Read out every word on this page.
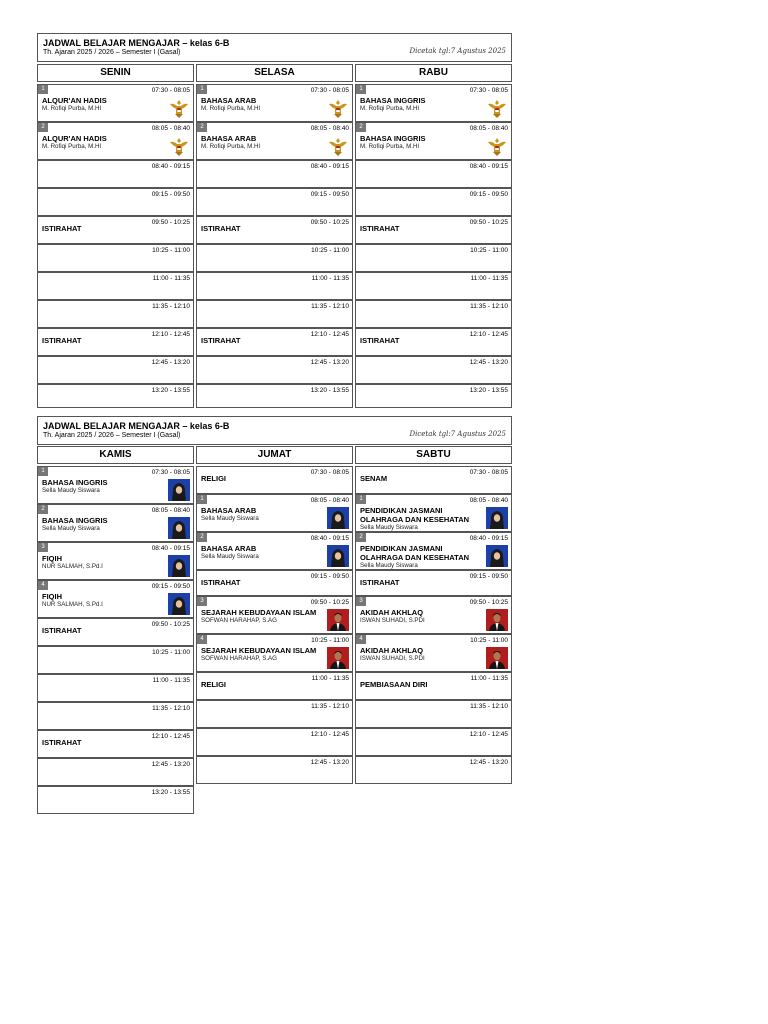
JADWAL BELAJAR MENGAJAR – kelas 6-B
Th. Ajaran 2025 / 2026 – Semester I (Gasal)	Dicetak tgl:7 Agustus 2025
SENIN
1	07:30 - 08:05
ALQUR'AN HADIS
M. Rofiqi Purba, M.HI
2	08:05 - 08:40
ALQUR'AN HADIS
M. Rofiqi Purba, M.HI
08:40 - 09:15
09:15 - 09:50
09:50 - 10:25
ISTIRAHAT
10:25 - 11:00
11:00 - 11:35
11:35 - 12:10
12:10 - 12:45
ISTIRAHAT
12:45 - 13:20
13:20 - 13:55
SELASA
1	07:30 - 08:05
BAHASA ARAB
M. Rofiqi Purba, M.HI
2	08:05 - 08:40
BAHASA ARAB
M. Rofiqi Purba, M.HI
08:40 - 09:15
09:15 - 09:50
09:50 - 10:25
ISTIRAHAT
10:25 - 11:00
11:00 - 11:35
11:35 - 12:10
12:10 - 12:45
ISTIRAHAT
12:45 - 13:20
13:20 - 13:55
RABU
1	07:30 - 08:05
BAHASA INGGRIS
M. Rofiqi Purba, M.HI
2	08:05 - 08:40
BAHASA INGGRIS
M. Rofiqi Purba, M.HI
08:40 - 09:15
09:15 - 09:50
09:50 - 10:25
ISTIRAHAT
10:25 - 11:00
11:00 - 11:35
11:35 - 12:10
12:10 - 12:45
ISTIRAHAT
12:45 - 13:20
13:20 - 13:55
JADWAL BELAJAR MENGAJAR – kelas 6-B
Th. Ajaran 2025 / 2026 – Semester I (Gasal)	Dicetak tgl:7 Agustus 2025
KAMIS
1	07:30 - 08:05
BAHASA INGGRIS
Sella Maudy Siswara
2	08:05 - 08:40
BAHASA INGGRIS
Sella Maudy Siswara
3	08:40 - 09:15
FIQIH
NUR SALMAH, S.Pd.I
4	09:15 - 09:50
FIQIH
NUR SALMAH, S.Pd.I
09:50 - 10:25
ISTIRAHAT
10:25 - 11:00
11:00 - 11:35
11:35 - 12:10
12:10 - 12:45
ISTIRAHAT
12:45 - 13:20
13:20 - 13:55
JUMAT
07:30 - 08:05
RELIGI
1	08:05 - 08:40
BAHASA ARAB
Sella Maudy Siswara
2	08:40 - 09:15
BAHASA ARAB
Sella Maudy Siswara
09:15 - 09:50
ISTIRAHAT
3	09:50 - 10:25
SEJARAH KEBUDAYAAN ISLAM
SOFWAN HARAHAP, S.AG
4	10:25 - 11:00
SEJARAH KEBUDAYAAN ISLAM
SOFWAN HARAHAP, S.AG
11:00 - 11:35
RELIGI
11:35 - 12:10
12:10 - 12:45
12:45 - 13:20
SABTU
07:30 - 08:05
SENAM
1	08:05 - 08:40
PENDIDIKAN JASMANI OLAHRAGA DAN KESEHATAN
Sella Maudy Siswara
2	08:40 - 09:15
PENDIDIKAN JASMANI OLAHRAGA DAN KESEHATAN
Sella Maudy Siswara
09:15 - 09:50
ISTIRAHAT
3	09:50 - 10:25
AKIDAH AKHLAQ
ISWAN SUHADI, S.PDI
4	10:25 - 11:00
AKIDAH AKHLAQ
ISWAN SUHADI, S.PDI
11:00 - 11:35
PEMBIASAAN DIRI
11:35 - 12:10
12:10 - 12:45
12:45 - 13:20
